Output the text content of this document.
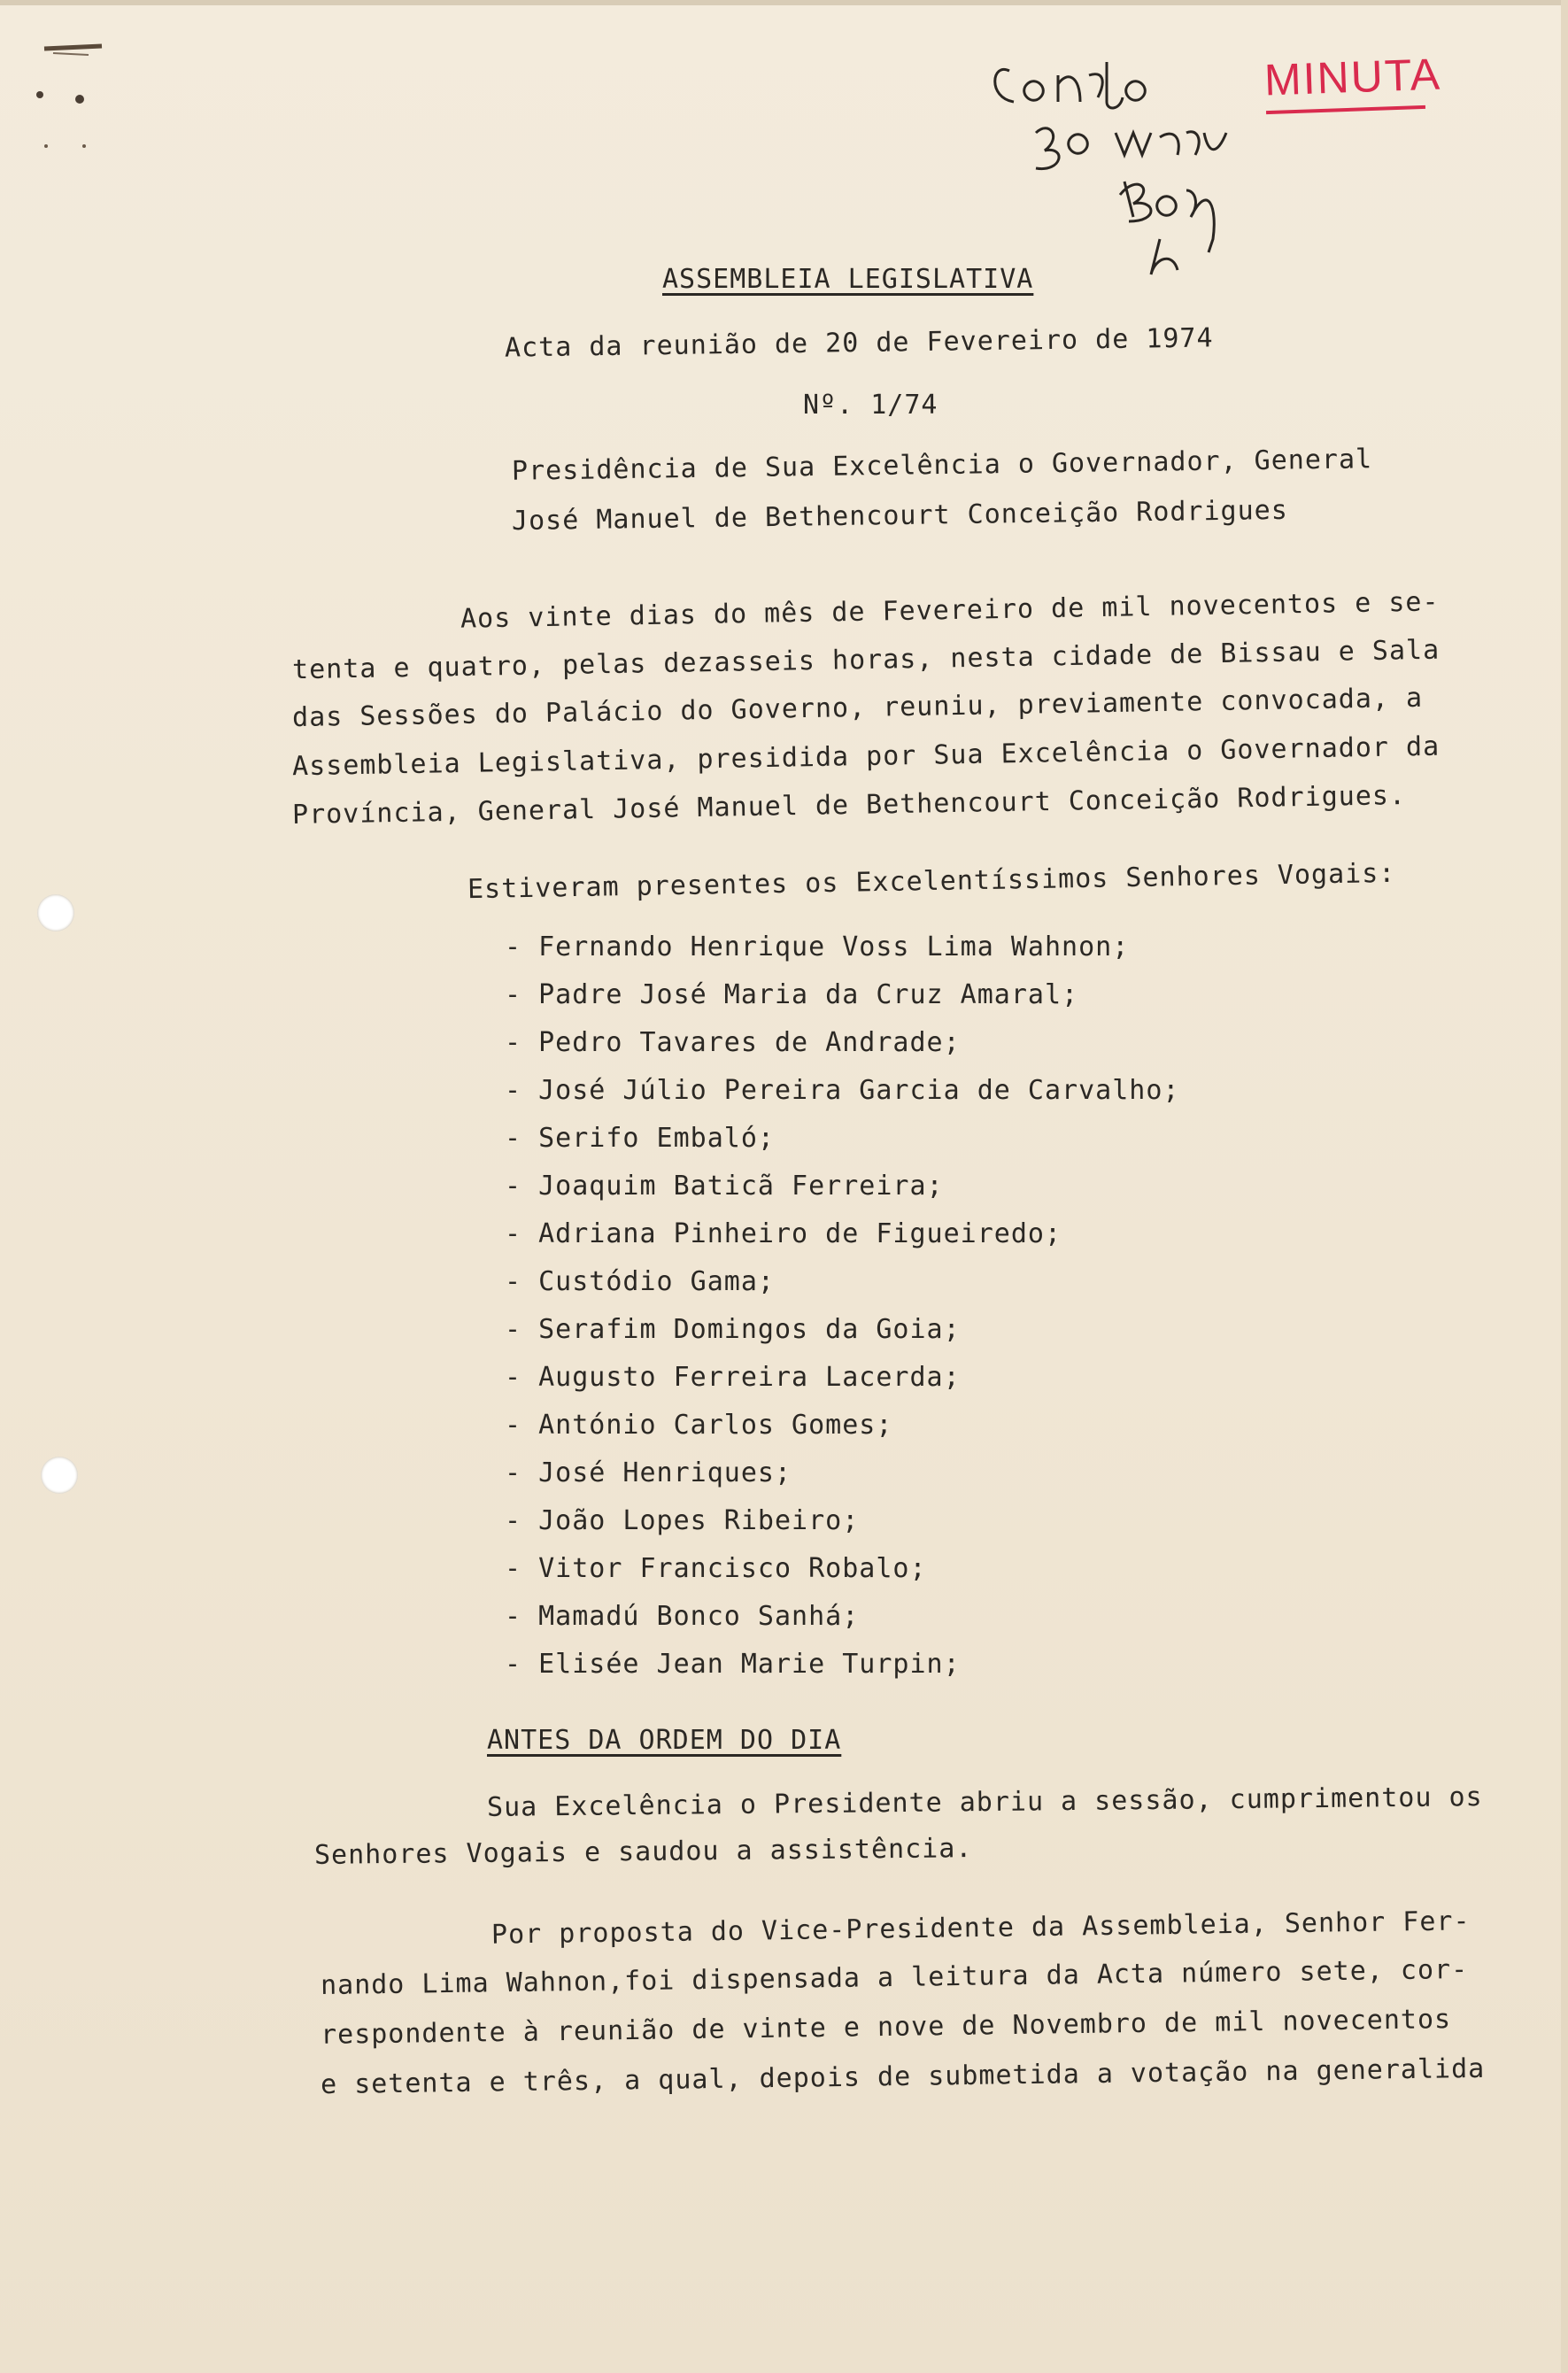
MINUTA
ASSEMBLEIA LEGISLATIVA
Acta da reunião de 20 de Fevereiro de 1974
Nº. 1/74
Presidência de Sua Excelência o Governador, General
José Manuel de Bethencourt Conceição Rodrigues
Aos vinte dias do mês de Fevereiro de mil novecentos e se-
tenta e quatro, pelas dezasseis horas, nesta cidade de Bissau e Sala
das Sessões do Palácio do Governo, reuniu, previamente convocada, a
Assembleia Legislativa, presidida por Sua Excelência o Governador da
Província, General José Manuel de Bethencourt Conceição Rodrigues.
Estiveram presentes os Excelentíssimos Senhores Vogais:
- Fernando Henrique Voss Lima Wahnon;
- Padre José Maria da Cruz Amaral;
- Pedro Tavares de Andrade;
- José Júlio Pereira Garcia de Carvalho;
- Serifo Embaló;
- Joaquim Baticã Ferreira;
- Adriana Pinheiro de Figueiredo;
- Custódio Gama;
- Serafim Domingos da Goia;
- Augusto Ferreira Lacerda;
- António Carlos Gomes;
- José Henriques;
- João Lopes Ribeiro;
- Vitor Francisco Robalo;
- Mamadú Bonco Sanhá;
- Elisée Jean Marie Turpin;
ANTES DA ORDEM DO DIA
Sua Excelência o Presidente abriu a sessão, cumprimentou os
Senhores Vogais e saudou a assistência.
Por proposta do Vice-Presidente da Assembleia, Senhor Fer-
nando Lima Wahnon,foi dispensada a leitura da Acta número sete, cor-
respondente à reunião de vinte e nove de Novembro de mil novecentos
e setenta e três, a qual, depois de submetida a votação na generalida
